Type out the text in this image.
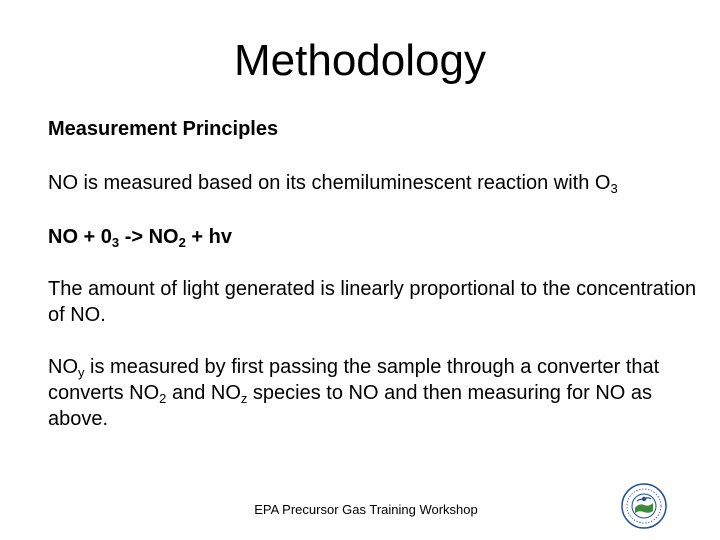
Methodology
Measurement Principles
NO is measured based on its chemiluminescent reaction with $O_3$
NO + $0_3 -> NO_2$ + hv
The amount of light generated is linearly proportional to the concentration of NO.
$NO_y$ is measured by first passing the sample through a converter that converts $NO_2$ and $NO_z$ species to NO and then measuring for NO as above.
EPA Precursor Gas Training Workshop
